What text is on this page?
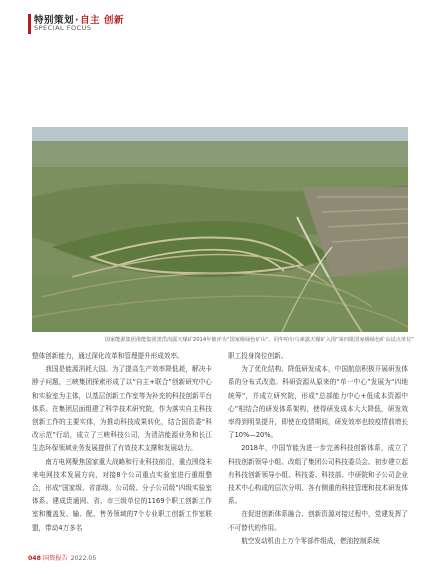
特别策划·自主 创新
SPECIAL FOCUS
国家能源集团准能集团黑岱沟露天煤矿2014年被评为“国家级绿色矿山”，同年哈尔乌素露天煤矿入围“第四批国家级绿色矿山试点单位”

整体创新能力，通过深化改革和管理提升形成效率。

我国是能源消耗大国。为了提高生产效率降低耗，解决卡脖子问题，三峡集团探索形成了以“自主+联合”创新研究中心和实验室为主体，以基层创新工作室等为补充的科技创新平台体系。在集团层面组建了科学技术研究院，作为落实自主科技创新工作的主要实体，为推动科技成果转化，结合国资委“科改示范”行动，成立了三峡科技公司，为清洁能源业务和长江生态环保领域业务发展提供了有效技术支撑和发展动力。

南方电网聚焦国家重大战略和行业科技前沿，重点围绕未来电网技术发展方向，对接8个公司重点实验室进行重组整合，形成“国家级、省部级、公司级、分子公司级”四级实验室体系。建成贵通网、省、市三级单位的1169个职工创新工作室和覆盖发、输、配、售务领域的7个专业职工创新工作室联盟，带动4万多名

职工投身岗位创新。

为了优化结构、降低研发成本，中国航信积极开展研发体系的分布式改造。科研资源从原来的“单一中心”发展为“四地统筹”，并成立研究院，形成“总部能力中心+低成本资源中心”相结合的研发体系架构，使得研发成本大大降低，研发效率得到明显提升，即使在疫情期间，研发效率也较疫情前增长了10%—20%。

2018年，中国节能为进一步完善科技创新体系，成立了科技创新领导小组、改组了集团公司科技委员会。初步建立起有科技创新领导小组、科技委、科技部、中研院和子公司企业技术中心构成的层次分明、各有侧重的科技管理和技术研发体系。

在促进创新体系融合、创新资源对接过程中，党建发挥了不可替代的作用。

航空发动机由上万个零部件组成，燃油控制系统

048 国资报告 2022.05
